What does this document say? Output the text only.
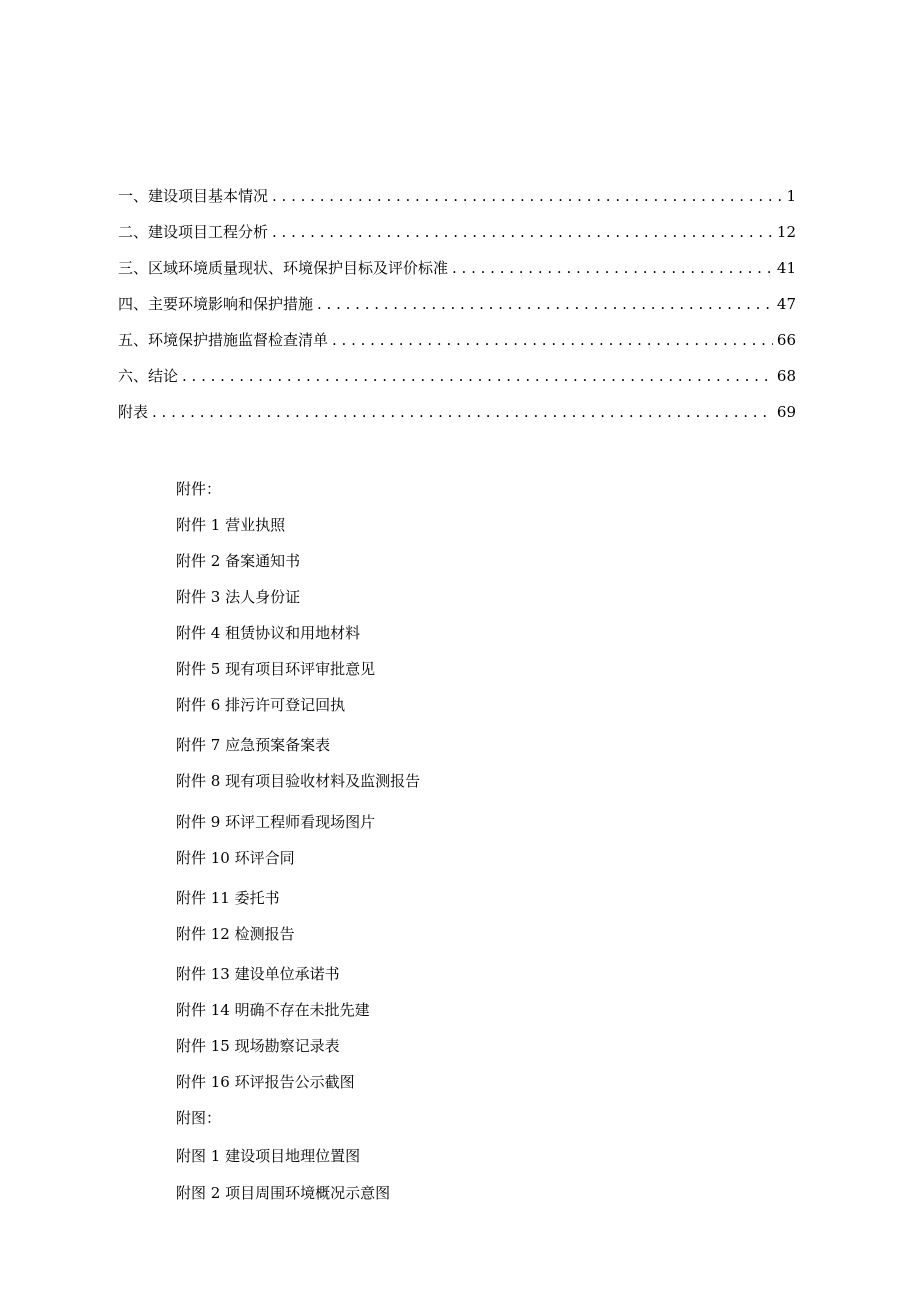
一、建设项目基本情况 . . .	1
二、建设项目工程分析 . . .	12
三、区域环境质量现状、环境保护目标及评价标准 . . .	41
四、主要环境影响和保护措施 . . .	47
五、环境保护措施监督检查清单 . . .	66
六、结论 . . .	68
附表 . . .	69
附件：
附件 1 营业执照
附件 2 备案通知书
附件 3 法人身份证
附件 4 租赁协议和用地材料
附件 5 现有项目环评审批意见
附件 6 排污许可登记回执
附件 7 应急预案备案表
附件 8 现有项目验收材料及监测报告
附件 9 环评工程师看现场图片
附件 10 环评合同
附件 11 委托书
附件 12 检测报告
附件 13 建设单位承诺书
附件 14 明确不存在未批先建
附件 15 现场勘察记录表
附件 16 环评报告公示截图
附图：
附图 1 建设项目地理位置图
附图 2 项目周围环境概况示意图
